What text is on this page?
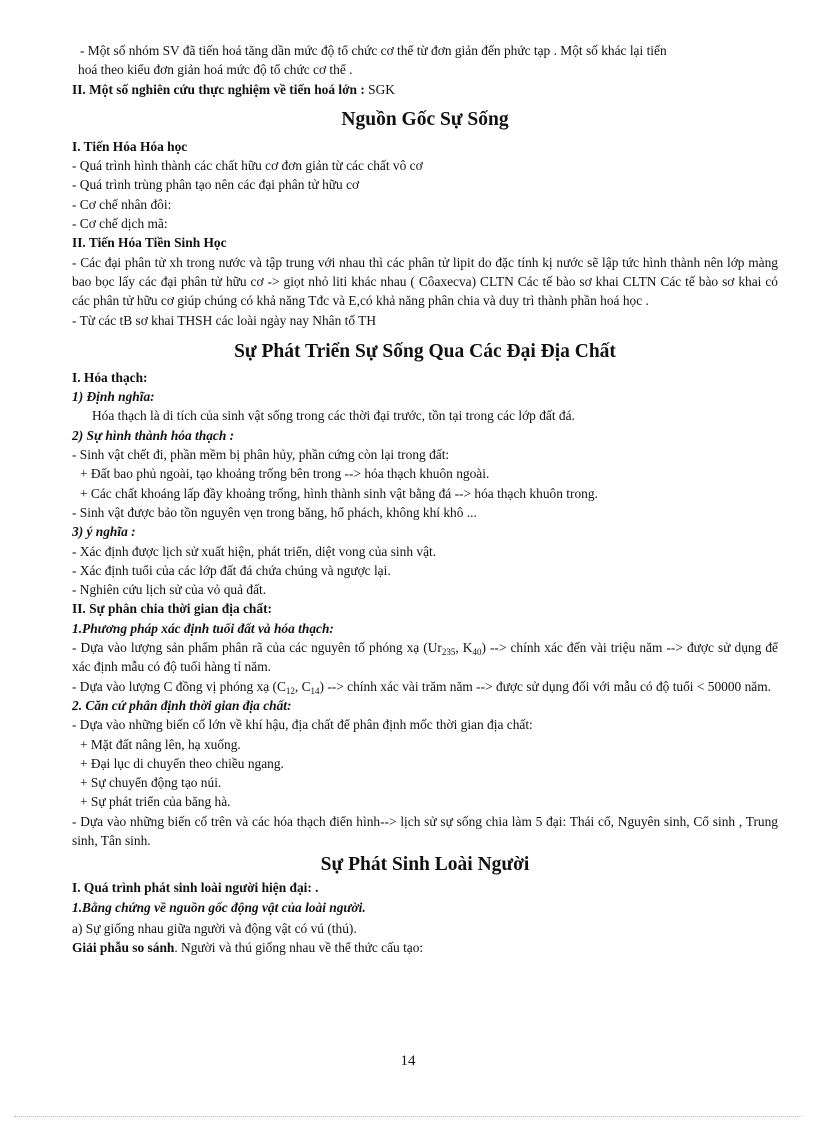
- Một số nhóm SV đã tiến hoá tăng dần mức độ tổ chức cơ thể từ đơn giản đến phức tạp . Một số khác lại tiến

hoá theo kiểu đơn giản hoá mức độ tổ chức cơ thể .

II. Một số nghiên cứu thực nghiệm về tiến hoá lớn : SGK

Nguồn Gốc Sự Sống

I. Tiến Hóa Hóa học

- Quá trình hình thành các chất hữu cơ đơn giản từ các chất vô cơ

- Quá trình trùng phân tạo nên các đại phân tử hữu cơ

- Cơ chế nhân đôi:

- Cơ chế dịch mã:

II. Tiến Hóa Tiền Sinh Học

- Các đại phân tử xh trong nước và tập trung với nhau thì các phân tử lipit do đặc tính kị nước sẽ lập tức hình thành nên lớp màng bao bọc lấy các đại phân tử hữu cơ -> giọt nhỏ liti khác nhau ( Côaxecva) CLTN Các tế bào sơ khai CLTN Các tế bào sơ khai có các phân tử hữu cơ giúp chúng có khả năng Tđc và E,có khả năng phân chia và duy trì thành phần hoá học .

- Từ các tB sơ khai THSH các loài ngày nay Nhân tố TH

Sự Phát Triển Sự Sống Qua Các Đại Địa Chất

I. Hóa thạch:

1) Định nghĩa:

Hóa thạch là di tích của sinh vật sống trong các thời đại trước, tồn tại trong các lớp đất đá.

2) Sự hình thành hóa thạch :

- Sinh vật chết đi, phần mềm bị phân hủy, phần cứng còn lại trong đất:

+ Đất bao phủ ngoài, tạo khoảng trống bên trong --> hóa thạch khuôn ngoài.

+ Các chất khoáng lấp đầy khoảng trống, hình thành sinh vật bằng đá --> hóa thạch khuôn trong.

- Sinh vật được bảo tồn nguyên vẹn trong băng, hổ phách, không khí khô ...

3) ý nghĩa :

- Xác định được lịch sử xuất hiện, phát triển, diệt vong của sinh vật.

- Xác định tuổi của các lớp đất đá chứa chúng và ngược lại.

- Nghiên cứu lịch sử của vỏ quả đất.

II. Sự phân chia thời gian địa chất:

1.Phương pháp xác định tuổi đất và hóa thạch:

- Dựa vào lượng sản phẩm phân rã của các nguyên tố phóng xạ ($Ur_{235}$, $K_{40}$) --> chính xác đến vài triệu năm --> được sử dụng để xác định mẫu có độ tuổi hàng tỉ năm.

- Dựa vào lượng C đồng vị phóng xạ ($C_{12}$, $C_{14}$) --> chính xác vài trăm năm --> được sử dụng đối với mẫu có độ tuổi < 50000 năm.

2. Căn cứ phân định thời gian địa chất:

- Dựa vào những biến cố lớn về khí hậu, địa chất để phân định mốc thời gian địa chất:

+ Mặt đất nâng lên, hạ xuống.

+ Đại lục di chuyển theo chiều ngang.

+ Sự chuyển động tạo núi.

+ Sự phát triển của băng hà.

- Dựa vào những biến cố trên và các hóa thạch điển hình--> lịch sử sự sống chia làm 5 đại: Thái cổ, Nguyên sinh, Cổ sinh , Trung sinh, Tân sinh.

Sự Phát Sinh Loài Người

I. Quá trình phát sinh loài người hiện đại: .

1.Bằng chứng về nguồn gốc động vật của loài người.

a) Sự giống nhau giữa người và động vật có vú (thú).

Giải phẫu so sánh. Người và thú giống nhau về thể thức cấu tạo:

14
